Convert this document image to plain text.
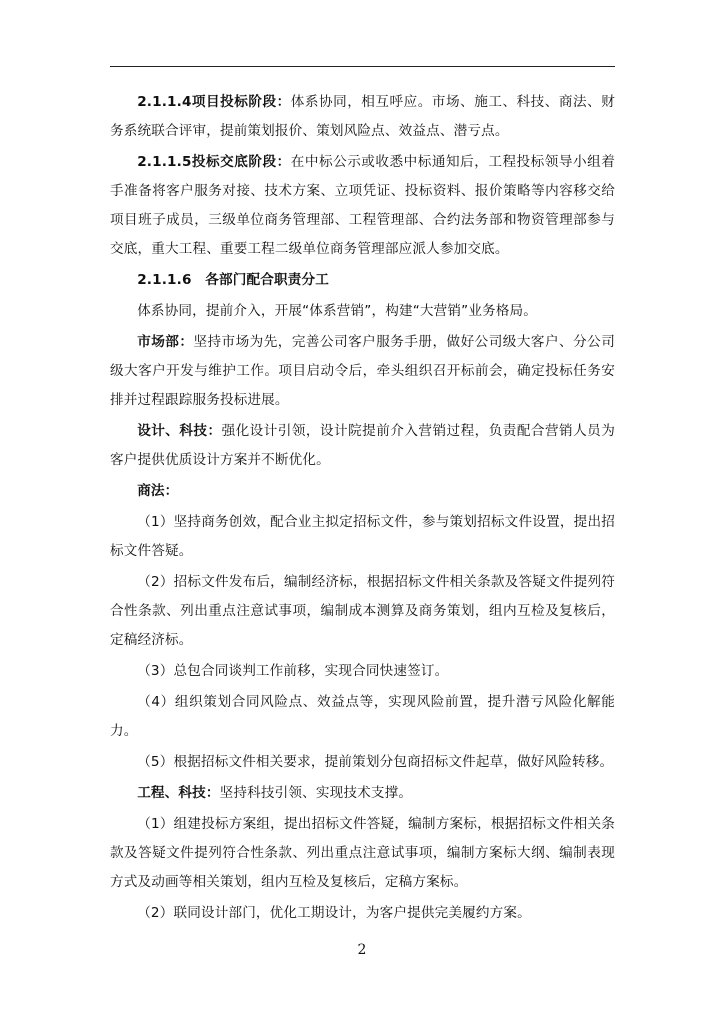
2.1.1.4项目投标阶段：体系协同，相互呼应。市场、施工、科技、商法、财务系统联合评审，提前策划报价、策划风险点、效益点、潜亏点。

2.1.1.5投标交底阶段：在中标公示或收悉中标通知后，工程投标领导小组着手准备将客户服务对接、技术方案、立项凭证、投标资料、报价策略等内容移交给项目班子成员，三级单位商务管理部、工程管理部、合约法务部和物资管理部参与交底，重大工程、重要工程二级单位商务管理部应派人参加交底。

2.1.1.6　各部门配合职责分工

体系协同，提前介入，开展“体系营销”，构建“大营销”业务格局。

市场部：坚持市场为先，完善公司客户服务手册，做好公司级大客户、分公司级大客户开发与维护工作。项目启动令后，牵头组织召开标前会，确定投标任务安排并过程跟踪服务投标进展。

设计、科技：强化设计引领，设计院提前介入营销过程，负责配合营销人员为客户提供优质设计方案并不断优化。

商法：

（1）坚持商务创效，配合业主拟定招标文件，参与策划招标文件设置，提出招标文件答疑。

（2）招标文件发布后，编制经济标，根据招标文件相关条款及答疑文件提列符合性条款、列出重点注意试事项，编制成本测算及商务策划，组内互检及复核后，定稿经济标。

（3）总包合同谈判工作前移，实现合同快速签订。

（4）组织策划合同风险点、效益点等，实现风险前置，提升潜亏风险化解能力。

（5）根据招标文件相关要求，提前策划分包商招标文件起草，做好风险转移。

工程、科技：坚持科技引领、实现技术支撑。

（1）组建投标方案组，提出招标文件答疑，编制方案标，根据招标文件相关条款及答疑文件提列符合性条款、列出重点注意试事项，编制方案标大纲、编制表现方式及动画等相关策划，组内互检及复核后，定稿方案标。

（2）联同设计部门，优化工期设计，为客户提供完美履约方案。

2
